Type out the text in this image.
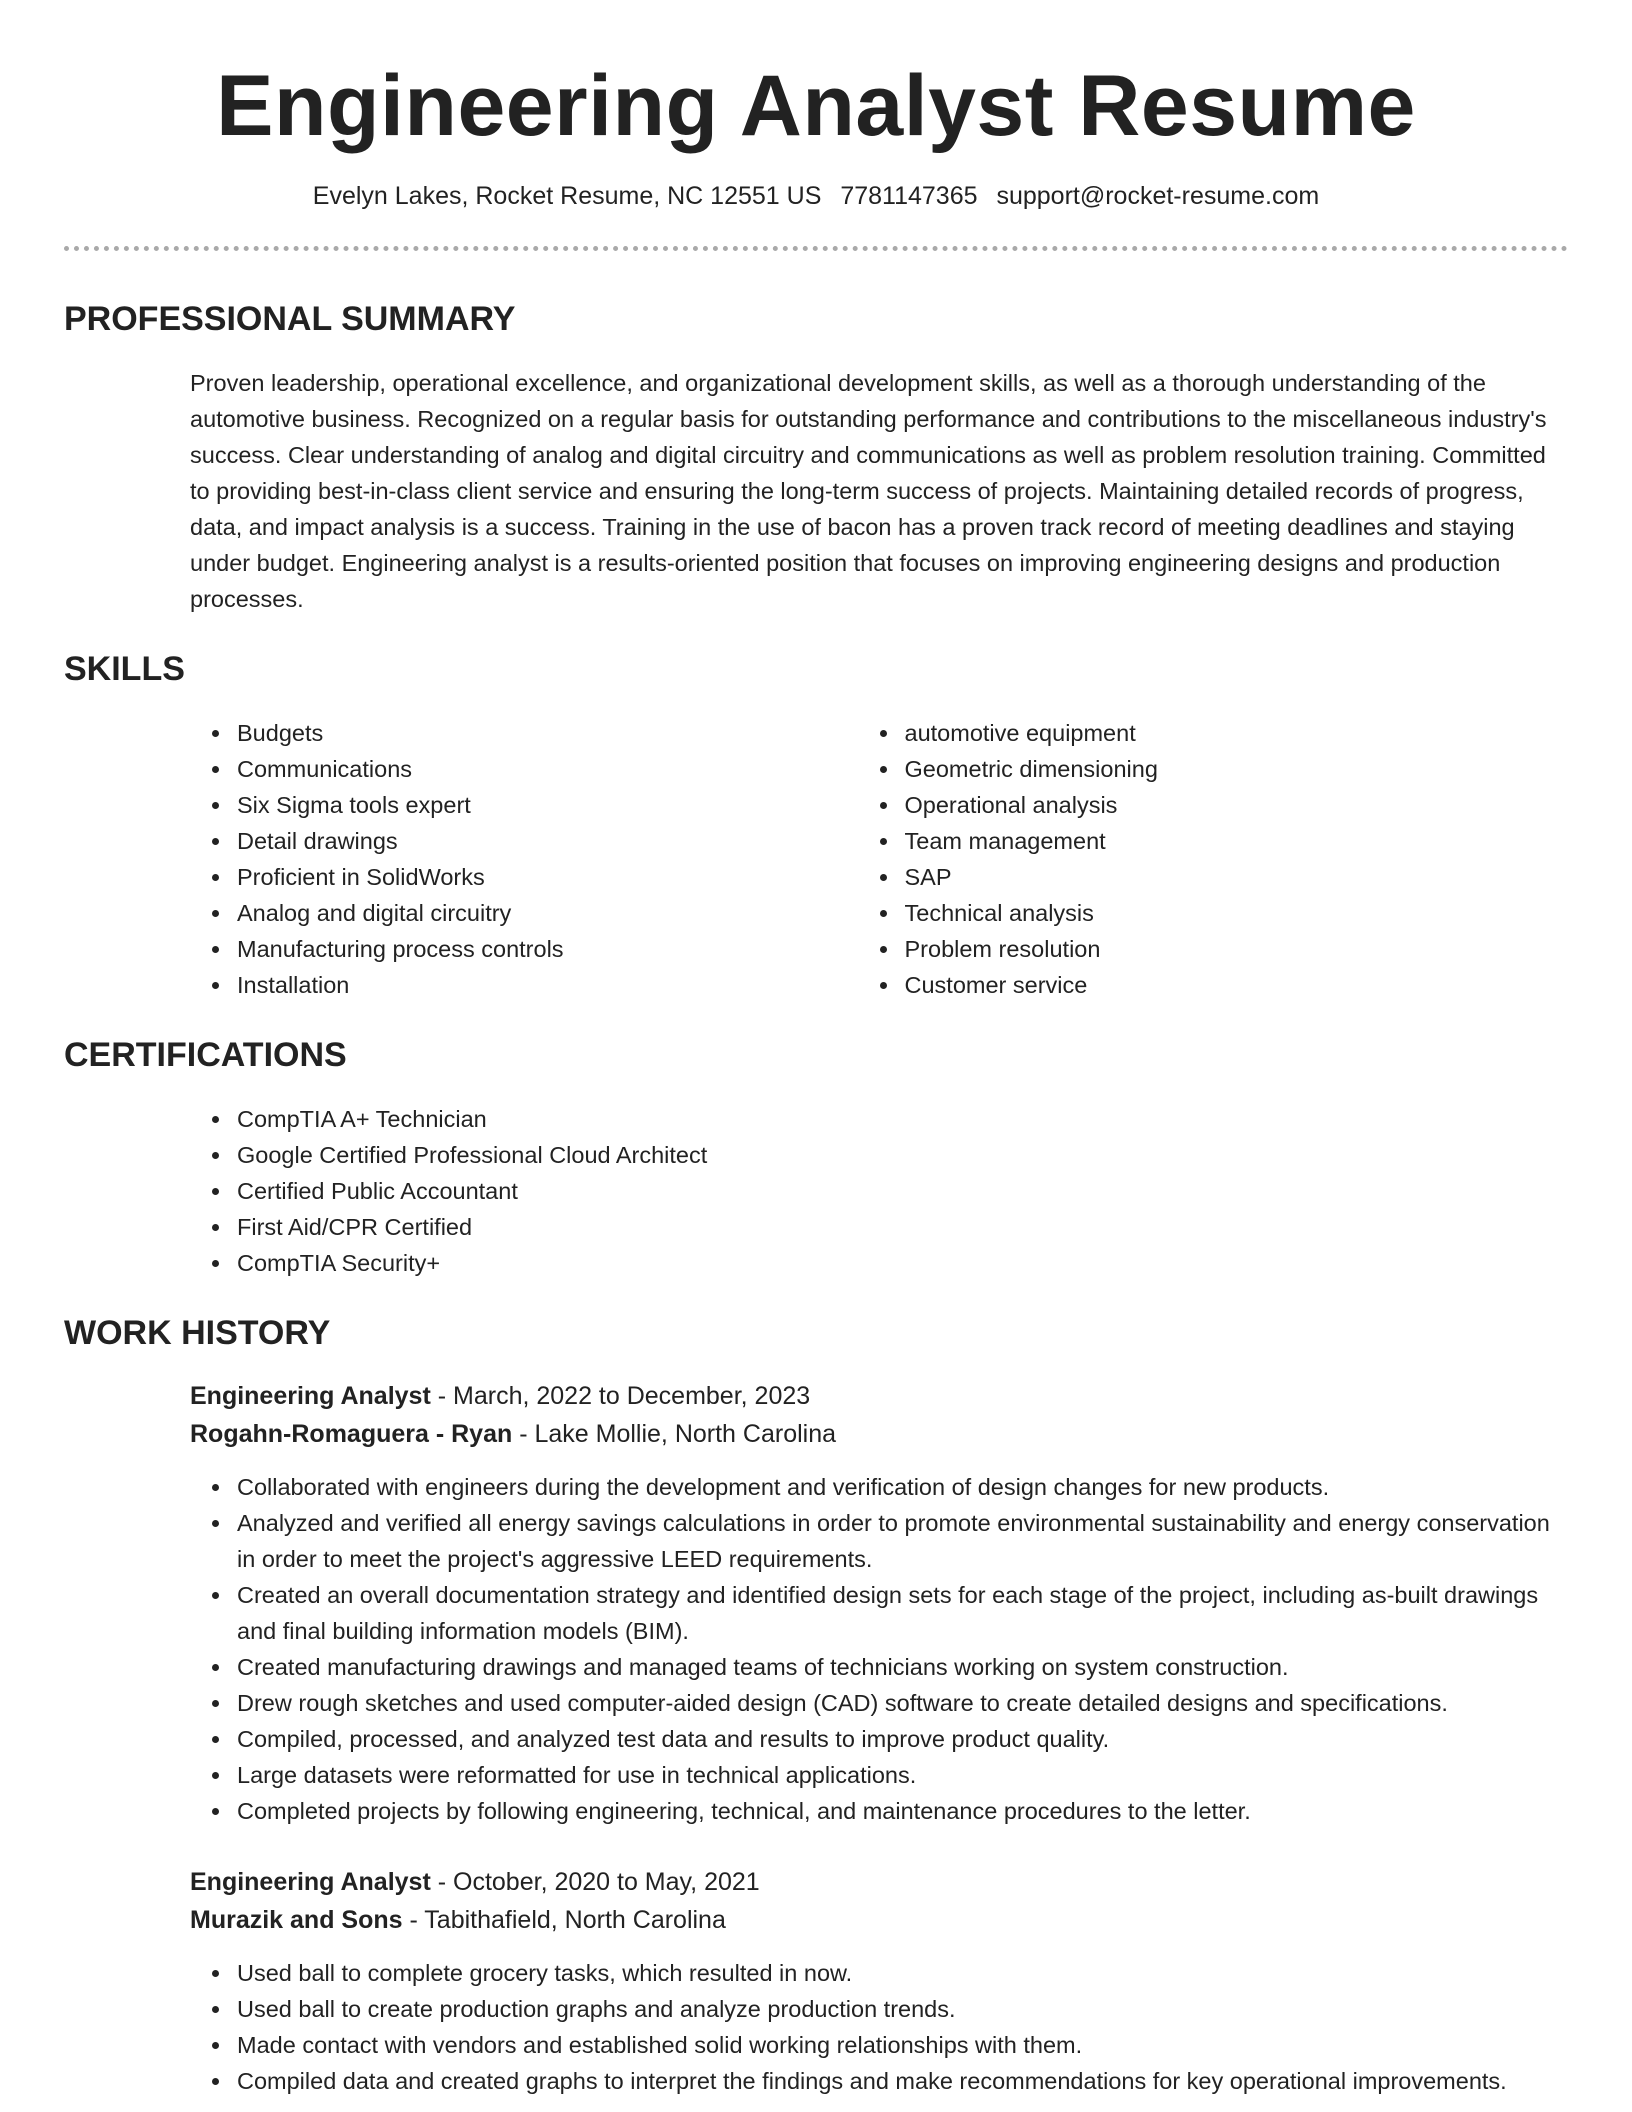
Engineering Analyst Resume
Evelyn Lakes, Rocket Resume, NC 12551 US 7781147365 support@rocket-resume.com
PROFESSIONAL SUMMARY

Proven leadership, operational excellence, and organizational development skills, as well as a thorough understanding of the automotive business. Recognized on a regular basis for outstanding performance and contributions to the miscellaneous industry's success. Clear understanding of analog and digital circuitry and communications as well as problem resolution training. Committed to providing best-in-class client service and ensuring the long-term success of projects. Maintaining detailed records of progress, data, and impact analysis is a success. Training in the use of bacon has a proven track record of meeting deadlines and staying under budget. Engineering analyst is a results-oriented position that focuses on improving engineering designs and production processes.

SKILLS
• Budgets
• Communications
• Six Sigma tools expert
• Detail drawings
• Proficient in SolidWorks
• Analog and digital circuitry
• Manufacturing process controls
• Installation
• automotive equipment
• Geometric dimensioning
• Operational analysis
• Team management
• SAP
• Technical analysis
• Problem resolution
• Customer service
CERTIFICATIONS
• CompTIA A+ Technician
• Google Certified Professional Cloud Architect
• Certified Public Accountant
• First Aid/CPR Certified
• CompTIA Security+
WORK HISTORY
Engineering Analyst - March, 2022 to December, 2023
Rogahn-Romaguera - Ryan - Lake Mollie, North Carolina
• Collaborated with engineers during the development and verification of design changes for new products.
• Analyzed and verified all energy savings calculations in order to promote environmental sustainability and energy conservation in order to meet the project's aggressive LEED requirements.
• Created an overall documentation strategy and identified design sets for each stage of the project, including as-built drawings and final building information models (BIM).
• Created manufacturing drawings and managed teams of technicians working on system construction.
• Drew rough sketches and used computer-aided design (CAD) software to create detailed designs and specifications.
• Compiled, processed, and analyzed test data and results to improve product quality.
• Large datasets were reformatted for use in technical applications.
• Completed projects by following engineering, technical, and maintenance procedures to the letter.
Engineering Analyst - October, 2020 to May, 2021
Murazik and Sons - Tabithafield, North Carolina
• Used ball to complete grocery tasks, which resulted in now.
• Used ball to create production graphs and analyze production trends.
• Made contact with vendors and established solid working relationships with them.
• Compiled data and created graphs to interpret the findings and make recommendations for key operational improvements.
